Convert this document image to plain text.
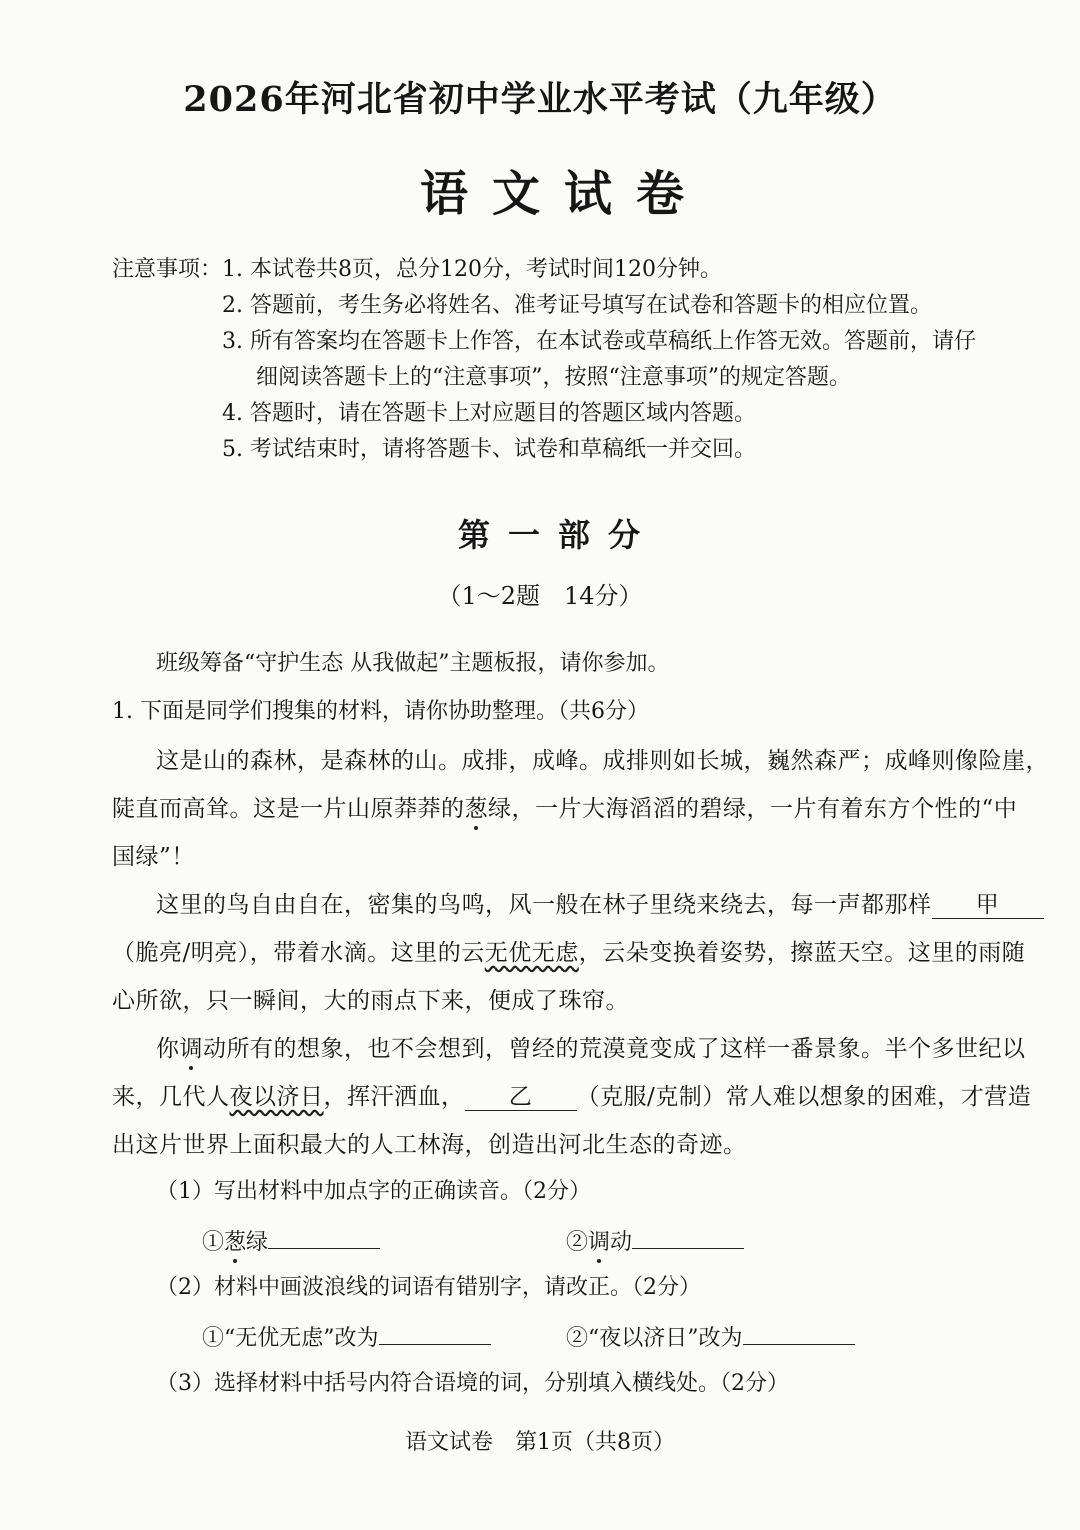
2026年河北省初中学业水平考试（九年级）
语文试卷
注意事项： 1. 本试卷共8页，总分120分，考试时间120分钟。
2. 答题前，考生务必将姓名、准考证号填写在试卷和答题卡的相应位置。
3. 所有答案均在答题卡上作答，在本试卷或草稿纸上作答无效。答题前，请仔
细阅读答题卡上的“注意事项”，按照“注意事项”的规定答题。
4. 答题时，请在答题卡上对应题目的答题区域内答题。
5. 考试结束时，请将答题卡、试卷和草稿纸一并交回。
第一部分
（1～2题　14分）
班级筹备“守护生态 从我做起”主题板报，请你参加。
1. 下面是同学们搜集的材料，请你协助整理。（共6分）
这是山的森林，是森林的山。成排，成峰。成排则如长城，巍然森严；成峰则像险崖，
陡直而高耸。这是一片山原莽莽的葱绿，一片大海滔滔的碧绿，一片有着东方个性的“中
国绿”！
这里的鸟自由自在，密集的鸟鸣，风一般在林子里绕来绕去，每一声都那样 甲
（脆亮/明亮），带着水滴。这里的云无优无虑，云朵变换着姿势，擦蓝天空。这里的雨随
心所欲，只一瞬间，大的雨点下来，便成了珠帘。
你调动所有的想象，也不会想到，曾经的荒漠竟变成了这样一番景象。半个多世纪以
来，几代人夜以济日，挥汗洒血， 乙 （克服/克制）常人难以想象的困难，才营造
出这片世界上面积最大的人工林海，创造出河北生态的奇迹。
（1）写出材料中加点字的正确读音。（2分）
①葱绿	②调动
（2）材料中画波浪线的词语有错别字，请改正。（2分）
①“无优无虑”改为	②“夜以济日”改为
（3）选择材料中括号内符合语境的词，分别填入横线处。（2分）
语文试卷　第1页（共8页）
